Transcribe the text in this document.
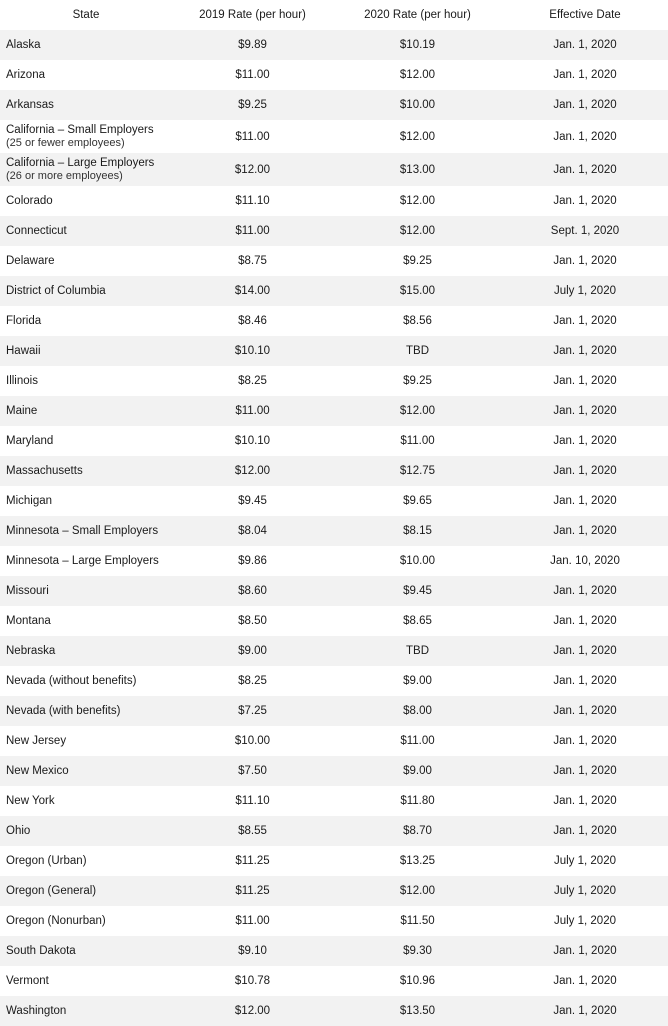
State	2019 Rate (per hour)	2020 Rate (per hour)	Effective Date
Alaska	$9.89	$10.19	Jan. 1, 2020
Arizona	$11.00	$12.00	Jan. 1, 2020
Arkansas	$9.25	$10.00	Jan. 1, 2020

California – Small Employers
(25 or fewer employees)	$11.00	$12.00	Jan. 1, 2020

California – Large Employers
(26 or more employees)	$12.00	$13.00	Jan. 1, 2020
Colorado	$11.10	$12.00	Jan. 1, 2020
Connecticut	$11.00	$12.00	Sept. 1, 2020
Delaware	$8.75	$9.25	Jan. 1, 2020
District of Columbia	$14.00	$15.00	July 1, 2020
Florida	$8.46	$8.56	Jan. 1, 2020
Hawaii	$10.10	TBD	Jan. 1, 2020
Illinois	$8.25	$9.25	Jan. 1, 2020
Maine	$11.00	$12.00	Jan. 1, 2020
Maryland	$10.10	$11.00	Jan. 1, 2020
Massachusetts	$12.00	$12.75	Jan. 1, 2020
Michigan	$9.45	$9.65	Jan. 1, 2020
Minnesota – Small Employers	$8.04	$8.15	Jan. 1, 2020
Minnesota – Large Employers	$9.86	$10.00	Jan. 10, 2020
Missouri	$8.60	$9.45	Jan. 1, 2020
Montana	$8.50	$8.65	Jan. 1, 2020
Nebraska	$9.00	TBD	Jan. 1, 2020
Nevada (without benefits)	$8.25	$9.00	Jan. 1, 2020
Nevada (with benefits)	$7.25	$8.00	Jan. 1, 2020
New Jersey	$10.00	$11.00	Jan. 1, 2020
New Mexico	$7.50	$9.00	Jan. 1, 2020
New York	$11.10	$11.80	Jan. 1, 2020
Ohio	$8.55	$8.70	Jan. 1, 2020
Oregon (Urban)	$11.25	$13.25	July 1, 2020
Oregon (General)	$11.25	$12.00	July 1, 2020
Oregon (Nonurban)	$11.00	$11.50	July 1, 2020
South Dakota	$9.10	$9.30	Jan. 1, 2020
Vermont	$10.78	$10.96	Jan. 1, 2020
Washington	$12.00	$13.50	Jan. 1, 2020
